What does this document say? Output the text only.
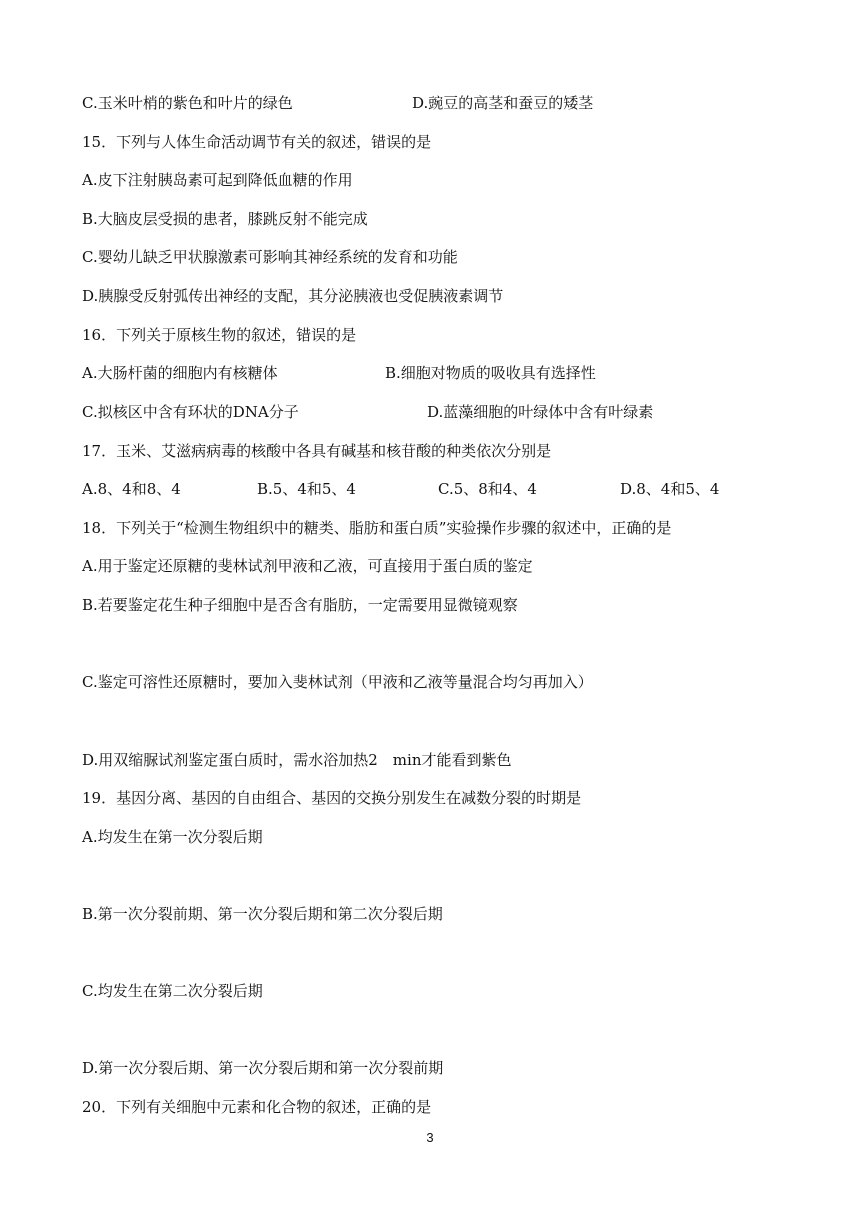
C.玉米叶梢的紫色和叶片的绿色	D.豌豆的高茎和蚕豆的矮茎
15．下列与人体生命活动调节有关的叙述，错误的是
A.皮下注射胰岛素可起到降低血糖的作用
B.大脑皮层受损的患者，膝跳反射不能完成
C.婴幼儿缺乏甲状腺激素可影响其神经系统的发育和功能
D.胰腺受反射弧传出神经的支配，其分泌胰液也受促胰液素调节
16．下列关于原核生物的叙述，错误的是
A.大肠杆菌的细胞内有核糖体	B.细胞对物质的吸收具有选择性
C.拟核区中含有环状的DNA分子	D.蓝藻细胞的叶绿体中含有叶绿素
17．玉米、艾滋病病毒的核酸中各具有碱基和核苷酸的种类依次分别是
A.8、4和8、4	B.5、4和5、4	C.5、8和4、4	D.8、4和5、4
18．下列关于“检测生物组织中的糖类、脂肪和蛋白质”实验操作步骤的叙述中，正确的是
A.用于鉴定还原糖的斐林试剂甲液和乙液，可直接用于蛋白质的鉴定
B.若要鉴定花生种子细胞中是否含有脂肪，一定需要用显微镜观察
C.鉴定可溶性还原糖时，要加入斐林试剂（甲液和乙液等量混合均匀再加入）
D.用双缩脲试剂鉴定蛋白质时，需水浴加热2　min才能看到紫色
19．基因分离、基因的自由组合、基因的交换分别发生在减数分裂的时期是
A.均发生在第一次分裂后期
B.第一次分裂前期、第一次分裂后期和第二次分裂后期
C.均发生在第二次分裂后期
D.第一次分裂后期、第一次分裂后期和第一次分裂前期
20．下列有关细胞中元素和化合物的叙述，正确的是
3
